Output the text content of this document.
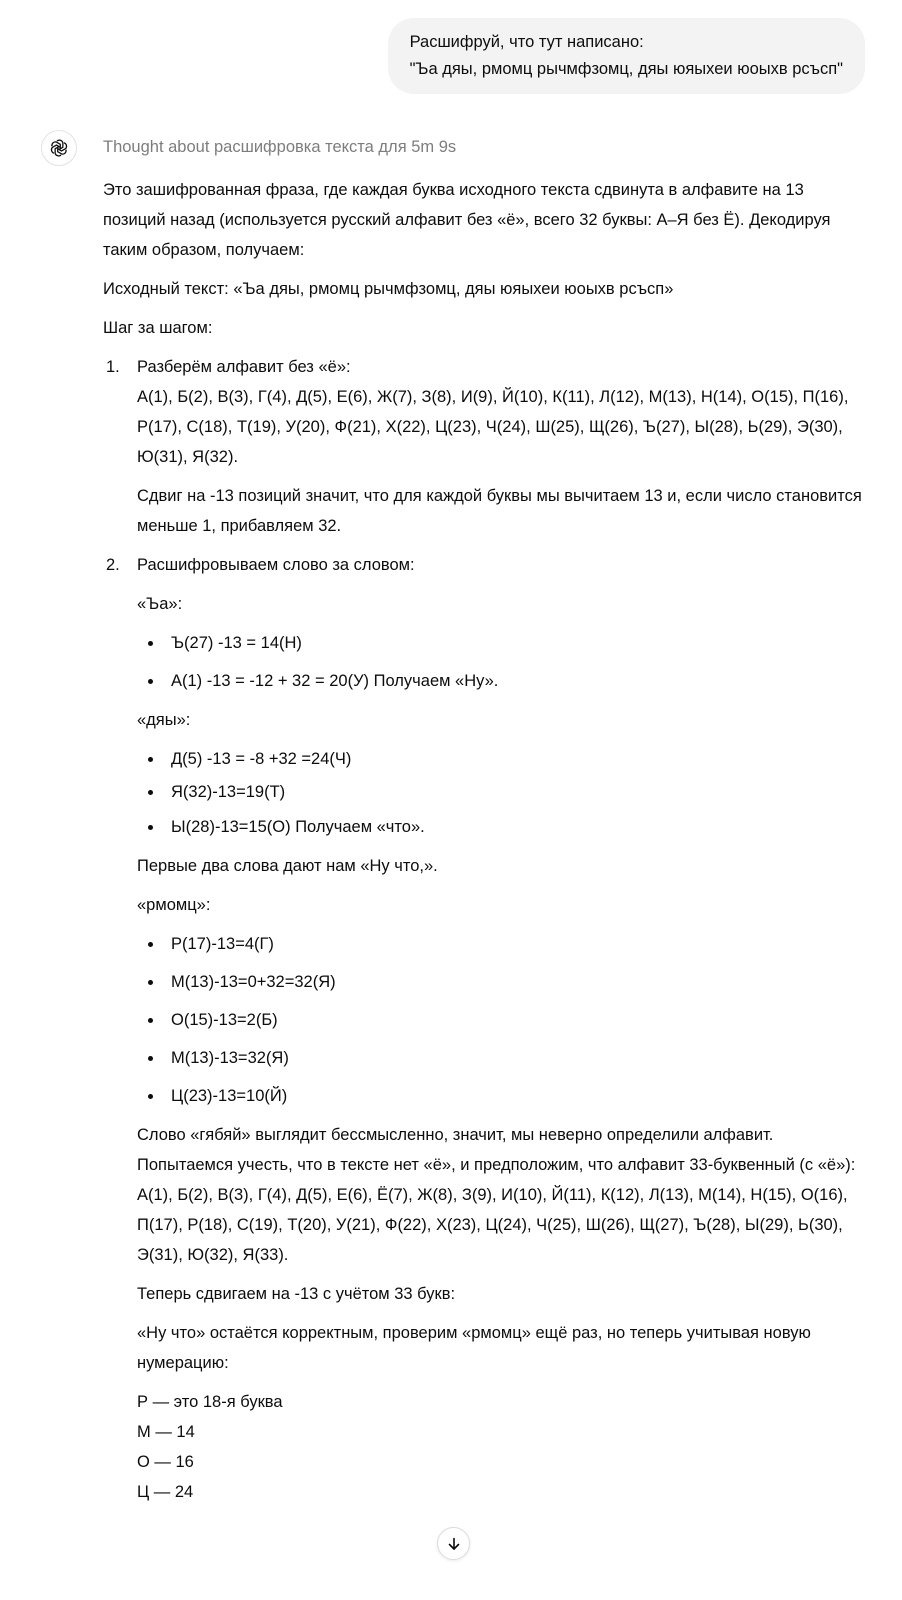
Расшифруй, что тут написано:
"Ъа дяы, рмомц рычмфзомц, дяы юяыхеи юоыхв рсъсп"
Thought about расшифровка текста для 5m 9s

Это зашифрованная фраза, где каждая буква исходного текста сдвинута в алфавите на 13 позиций назад (используется русский алфавит без «ё», всего 32 буквы: А–Я без Ё). Декодируя таким образом, получаем:

Исходный текст: «Ъа дяы, рмомц рычмфзомц, дяы юяыхеи юоыхв рсъсп»

Шаг за шагом:

1. Разберём алфавит без «ё»:

А(1), Б(2), В(3), Г(4), Д(5), Е(6), Ж(7), З(8), И(9), Й(10), К(11), Л(12), М(13), Н(14), О(15), П(16), Р(17), С(18), Т(19), У(20), Ф(21), Х(22), Ц(23), Ч(24), Ш(25), Щ(26), Ъ(27), Ы(28), Ь(29), Э(30), Ю(31), Я(32).

Сдвиг на -13 позиций значит, что для каждой буквы мы вычитаем 13 и, если число становится меньше 1, прибавляем 32.

2. Расшифровываем слово за словом:

«Ъа»:

Ъ(27) -13 = 14(Н)
А(1) -13 = -12 + 32 = 20(У) Получаем «Ну».

«дяы»:

Д(5) -13 = -8 +32 =24(Ч)
Я(32)-13=19(Т)
Ы(28)-13=15(О) Получаем «что».

Первые два слова дают нам «Ну что,».

«рмомц»:

Р(17)-13=4(Г)
М(13)-13=0+32=32(Я)
О(15)-13=2(Б)
М(13)-13=32(Я)
Ц(23)-13=10(Й)

Слово «гябяй» выглядит бессмысленно, значит, мы неверно определили алфавит. Попытаемся учесть, что в тексте нет «ё», и предположим, что алфавит 33-буквенный (с «ё»):

А(1), Б(2), В(3), Г(4), Д(5), Е(6), Ё(7), Ж(8), З(9), И(10), Й(11), К(12), Л(13), М(14), Н(15), О(16), П(17), Р(18), С(19), Т(20), У(21), Ф(22), Х(23), Ц(24), Ч(25), Ш(26), Щ(27), Ъ(28), Ы(29), Ь(30), Э(31), Ю(32), Я(33).

Теперь сдвигаем на -13 с учётом 33 букв:

«Ну что» остаётся корректным, проверим «рмомц» ещё раз, но теперь учитывая новую нумерацию:

Р — это 18-я буква

М — 14

О — 16

Ц — 24
